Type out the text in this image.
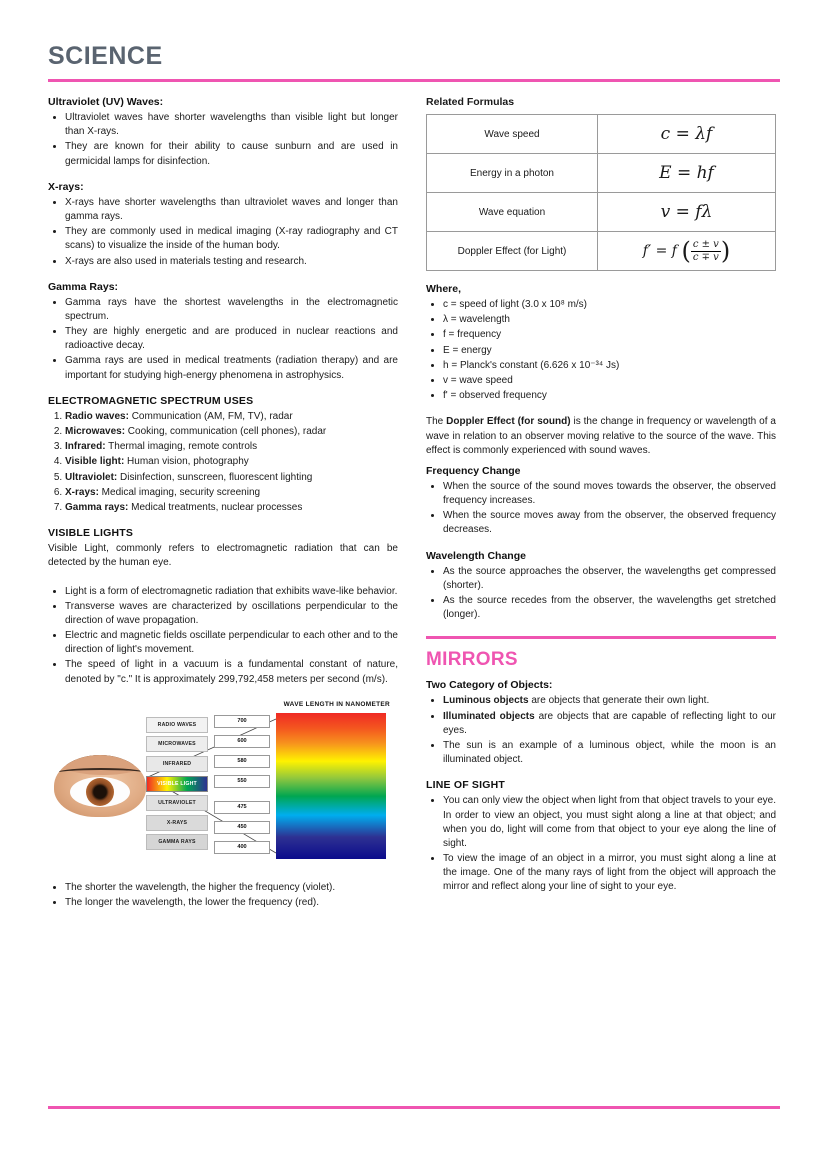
SCIENCE
Ultraviolet (UV) Waves:
• Ultraviolet waves have shorter wavelengths than visible light but longer than X-rays.
• They are known for their ability to cause sunburn and are used in germicidal lamps for disinfection.
X-rays:
• X-rays have shorter wavelengths than ultraviolet waves and longer than gamma rays.
• They are commonly used in medical imaging (X-ray radiography and CT scans) to visualize the inside of the human body.
• X-rays are also used in materials testing and research.
Gamma Rays:
• Gamma rays have the shortest wavelengths in the electromagnetic spectrum.
• They are highly energetic and are produced in nuclear reactions and radioactive decay.
• Gamma rays are used in medical treatments (radiation therapy) and are important for studying high-energy phenomena in astrophysics.
ELECTROMAGNETIC SPECTRUM USES
1. Radio waves: Communication (AM, FM, TV), radar
2. Microwaves: Cooking, communication (cell phones), radar
3. Infrared: Thermal imaging, remote controls
4. Visible light: Human vision, photography
5. Ultraviolet: Disinfection, sunscreen, fluorescent lighting
6. X-rays: Medical imaging, security screening
7. Gamma rays: Medical treatments, nuclear processes
VISIBLE LIGHTS

Visible Light, commonly refers to electromagnetic radiation that can be detected by the human eye.

• Light is a form of electromagnetic radiation that exhibits wave-like behavior.
• Transverse waves are characterized by oscillations perpendicular to the direction of wave propagation.
• Electric and magnetic fields oscillate perpendicular to each other and to the direction of light's movement.
• The speed of light in a vacuum is a fundamental constant of nature, denoted by "c." It is approximately 299,792,458 meters per second (m/s).
WAVE LENGTH IN NANOMETER
RADIO WAVES
MICROWAVES
INFRARED
VISIBLE LIGHT
ULTRAVIOLET
X-RAYS
GAMMA RAYS
700
600
580
550
475
450
400
• The shorter the wavelength, the higher the frequency (violet).
• The longer the wavelength, the lower the frequency (red).
Related Formulas
Wave speed	c = λf
Energy in a photon	E = hf
Wave equation	v = fλ
Doppler Effect (for Light)	f′ = f ( $\frac{c \pm v}{c \mp v}$ )
Where,
• c = speed of light (3.0 x 10⁸ m/s)
• λ = wavelength
• f = frequency
• E = energy
• h = Planck's constant (6.626 x 10⁻³⁴ Js)
• v = wave speed
• f' = observed frequency

The Doppler Effect (for sound) is the change in frequency or wavelength of a wave in relation to an observer moving relative to the source of the wave. This effect is commonly experienced with sound waves.

Frequency Change
• When the source of the sound moves towards the observer, the observed frequency increases.
• When the source moves away from the observer, the observed frequency decreases.
Wavelength Change
• As the source approaches the observer, the wavelengths get compressed (shorter).
• As the source recedes from the observer, the wavelengths get stretched (longer).
MIRRORS
Two Category of Objects:
• Luminous objects are objects that generate their own light.
• Illuminated objects are objects that are capable of reflecting light to our eyes.
• The sun is an example of a luminous object, while the moon is an illuminated object.
LINE OF SIGHT
• You can only view the object when light from that object travels to your eye. In order to view an object, you must sight along a line at that object; and when you do, light will come from that object to your eye along the line of sight.
• To view the image of an object in a mirror, you must sight along a line at the image. One of the many rays of light from the object will approach the mirror and reflect along your line of sight to your eye.
